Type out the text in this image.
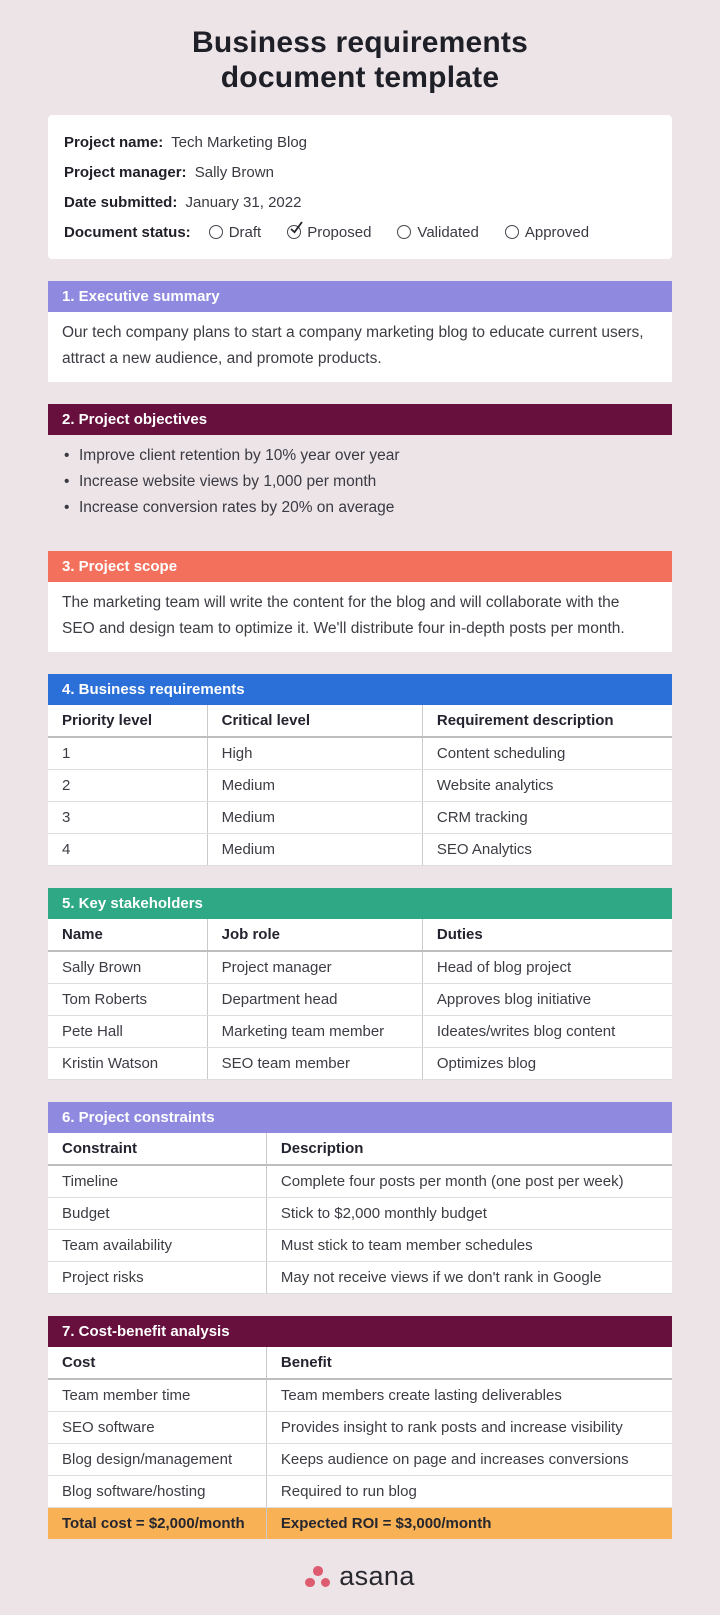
Business requirements
document template
Project name: Tech Marketing Blog
Project manager: Sally Brown
Date submitted: January 31, 2022
Document status:	Draft	Proposed	Validated	Approved
1. Executive summary
Our tech company plans to start a company marketing blog to educate current users, attract a new audience, and promote products.
2. Project objectives
• Improve client retention by 10% year over year
• Increase website views by 1,000 per month
• Increase conversion rates by 20% on average
3. Project scope
The marketing team will write the content for the blog and will collaborate with the SEO and design team to optimize it. We'll distribute four in-depth posts per month.
4. Business requirements
Priority level	Critical level	Requirement description
1	High	Content scheduling
2	Medium	Website analytics
3	Medium	CRM tracking
4	Medium	SEO Analytics
5. Key stakeholders
Name	Job role	Duties
Sally Brown	Project manager	Head of blog project
Tom Roberts	Department head	Approves blog initiative
Pete Hall	Marketing team member	Ideates/writes blog content
Kristin Watson	SEO team member	Optimizes blog
6. Project constraints
Constraint	Description
Timeline	Complete four posts per month (one post per week)
Budget	Stick to $2,000 monthly budget
Team availability	Must stick to team member schedules
Project risks	May not receive views if we don't rank in Google
7. Cost-benefit analysis
Cost	Benefit
Team member time	Team members create lasting deliverables
SEO software	Provides insight to rank posts and increase visibility
Blog design/management	Keeps audience on page and increases conversions
Blog software/hosting	Required to run blog
Total cost = $2,000/month	Expected ROI = $3,000/month
asana
